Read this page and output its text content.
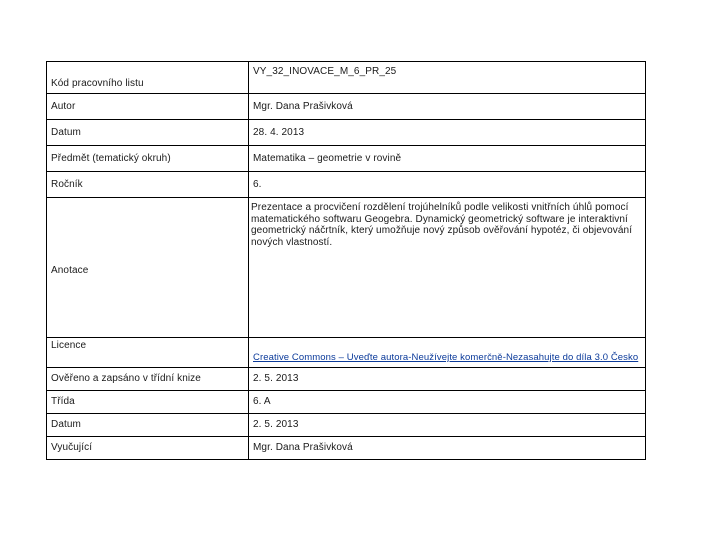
Kód pracovního listu	VY_32_INOVACE_M_6_PR_25
Autor	Mgr. Dana Prašivková
Datum	28. 4. 2013
Předmět (tematický okruh)	Matematika – geometrie v rovině
Ročník	6.
Anotace	Prezentace a procvičení rozdělení trojúhelníků podle velikosti vnitřních úhlů pomocí matematického softwaru Geogebra. Dynamický geometrický software je interaktivní geometrický náčrtník, který umožňuje nový způsob ověřování hypotéz, či objevování nových vlastností.
Licence	Creative Commons – Uveďte autora-Neužívejte komerčně-Nezasahujte do díla 3.0 Česko
Ověřeno a zapsáno v třídní knize	2. 5. 2013
Třída	6. A
Datum	2. 5. 2013
Vyučující	Mgr. Dana Prašivková
